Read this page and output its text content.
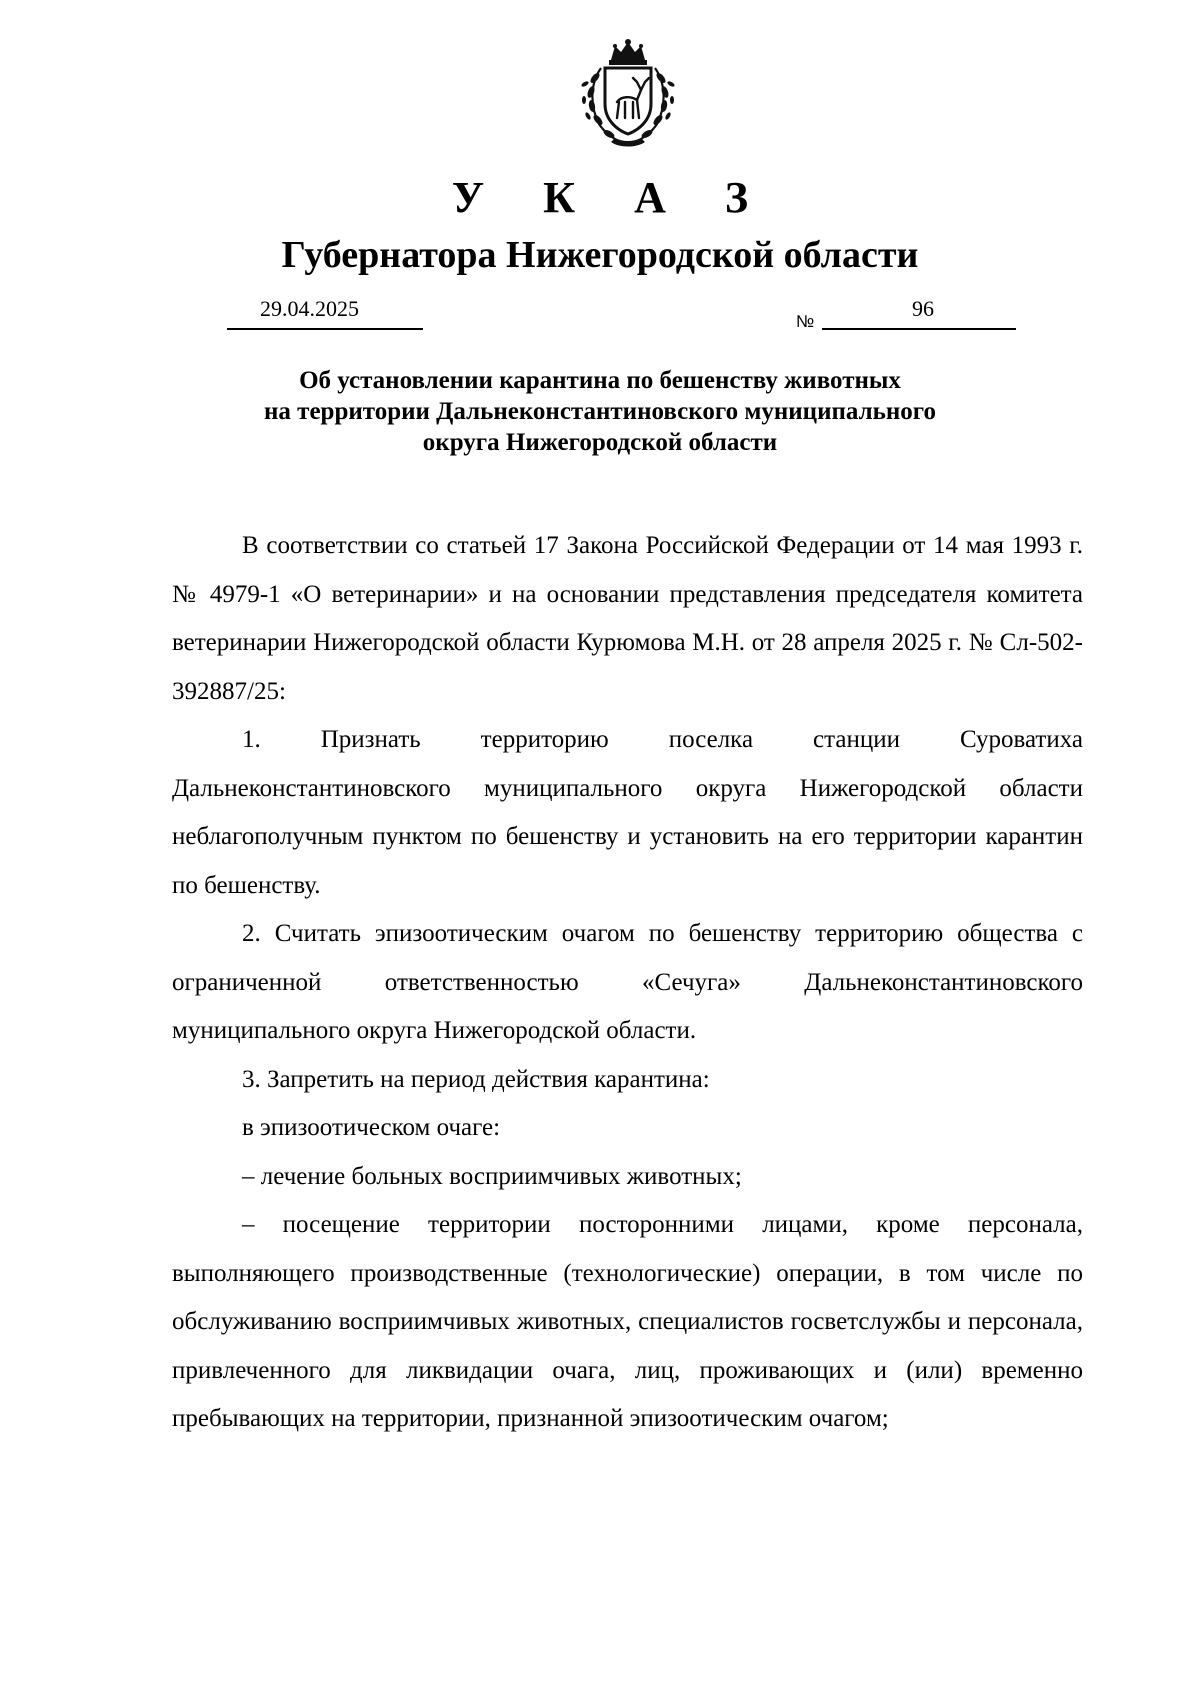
У К А З
Губернатора Нижегородской области
29.04.2025
№
96
Об установлении карантина по бешенству животных
на территории Дальнеконстантиновского муниципального
округа Нижегородской области

В соответствии со статьей 17 Закона Российской Федерации от 14 мая 1993 г. № 4979-1 «О ветеринарии» и на основании представления председателя комитета ветеринарии Нижегородской области Курюмова М.Н. от 28 апреля 2025 г. № Сл-502-392887/25:

1. Признать территорию поселка станции Суроватиха Дальнеконстантиновского муниципального округа Нижегородской области неблагополучным пунктом по бешенству и установить на его территории карантин по бешенству.

2. Считать эпизоотическим очагом по бешенству территорию общества с ограниченной ответственностью «Сечуга» Дальнеконстантиновского муниципального округа Нижегородской области.

3. Запретить на период действия карантина:

в эпизоотическом очаге:

– лечение больных восприимчивых животных;

– посещение территории посторонними лицами, кроме персонала, выполняющего производственные (технологические) операции, в том числе по обслуживанию восприимчивых животных, специалистов госветслужбы и персонала, привлеченного для ликвидации очага, лиц, проживающих и (или) временно пребывающих на территории, признанной эпизоотическим очагом;
